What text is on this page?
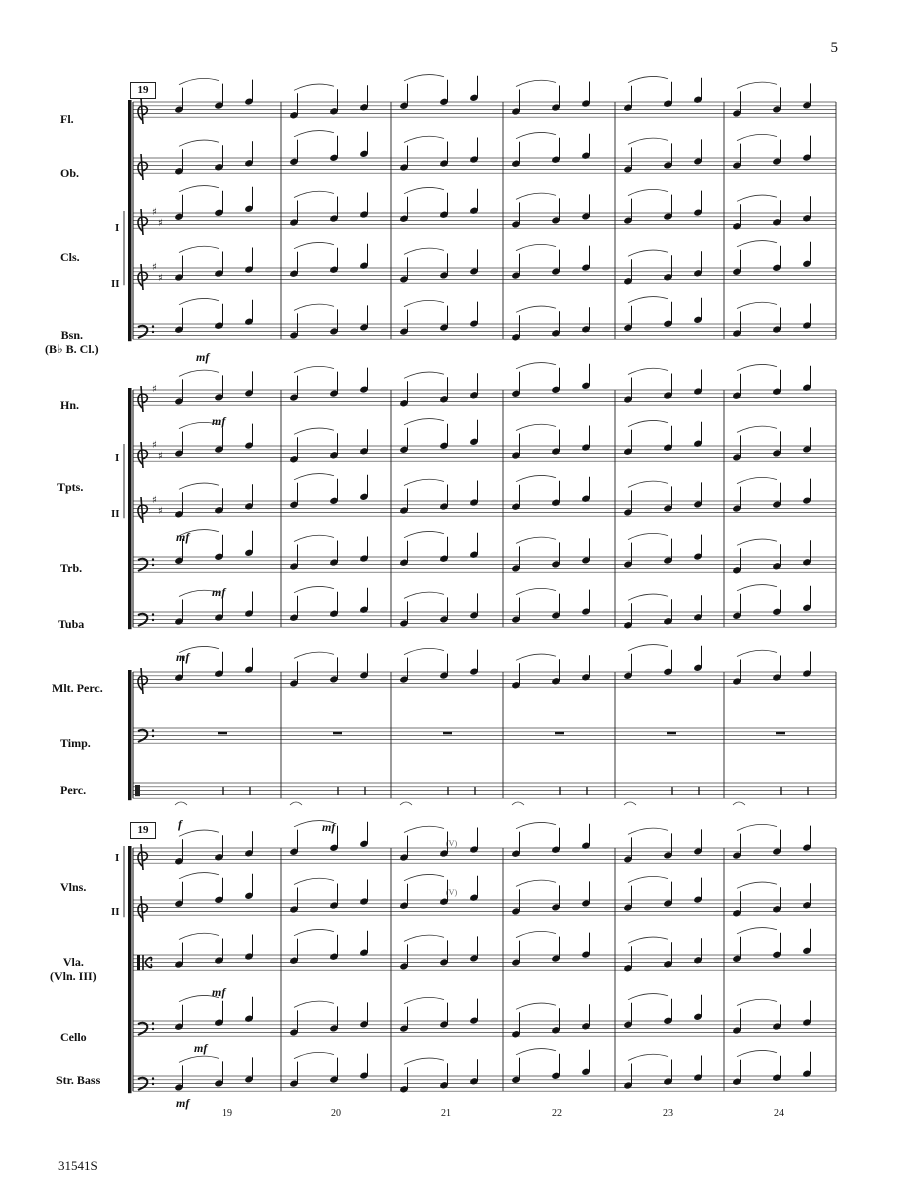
5
31541S
19
19
Fl.
Ob.
Cls.
I
II
Bsn.
(B♭ B. Cl.)
Hn.
Tpts.
I
II
Trb.
Tuba
Mlt. Perc.
Timp.
Perc.
Vlns.
I
II
Vla.
(Vln. III)
Cello
Str. Bass
mf
mf
mf
mf
mf
f	mf
mf
mf
mf
(V)
(V)
19	20	21	22	23	24
♯
♯
♯
♯
♯
♯
♯
♯
♯
